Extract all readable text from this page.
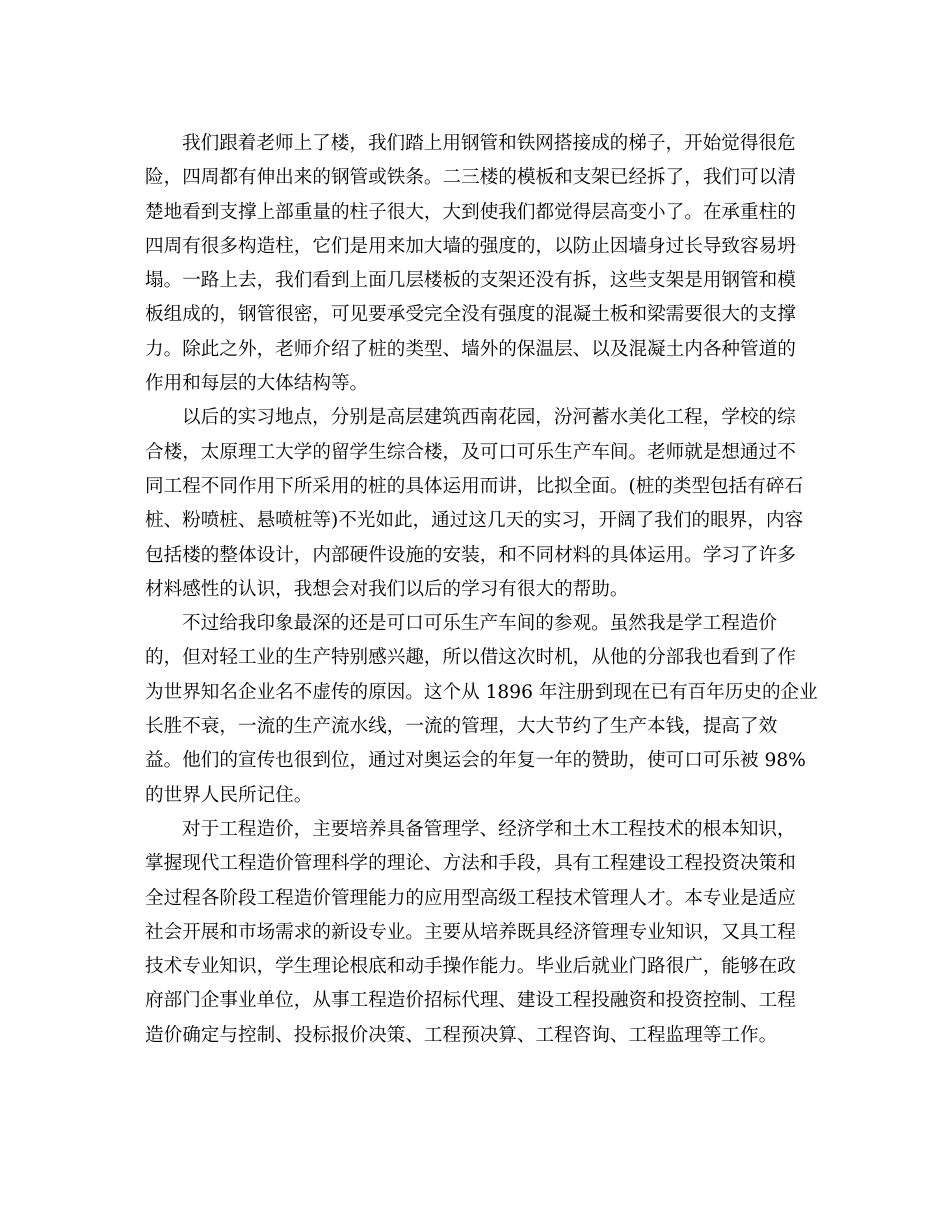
我们跟着老师上了楼，我们踏上用钢管和铁网搭接成的梯子，开始觉得很危
险，四周都有伸出来的钢管或铁条。二三楼的模板和支架已经拆了，我们可以清
楚地看到支撑上部重量的柱子很大，大到使我们都觉得层高变小了。在承重柱的
四周有很多构造柱，它们是用来加大墙的强度的，以防止因墙身过长导致容易坍
塌。一路上去，我们看到上面几层楼板的支架还没有拆，这些支架是用钢管和模
板组成的，钢管很密，可见要承受完全没有强度的混凝土板和梁需要很大的支撑
力。除此之外，老师介绍了桩的类型、墙外的保温层、以及混凝土内各种管道的
作用和每层的大体结构等。

以后的实习地点，分别是高层建筑西南花园，汾河蓄水美化工程，学校的综
合楼，太原理工大学的留学生综合楼，及可口可乐生产车间。老师就是想通过不
同工程不同作用下所采用的桩的具体运用而讲，比拟全面。(桩的类型包括有碎石
桩、粉喷桩、悬喷桩等)不光如此，通过这几天的实习，开阔了我们的眼界，内容
包括楼的整体设计，内部硬件设施的安装，和不同材料的具体运用。学习了许多
材料感性的认识，我想会对我们以后的学习有很大的帮助。

不过给我印象最深的还是可口可乐生产车间的参观。虽然我是学工程造价
的，但对轻工业的生产特别感兴趣，所以借这次时机，从他的分部我也看到了作
为世界知名企业名不虚传的原因。这个从 1896 年注册到现在已有百年历史的企业
长胜不衰，一流的生产流水线，一流的管理，大大节约了生产本钱，提高了效
益。他们的宣传也很到位，通过对奥运会的年复一年的赞助，使可口可乐被 98%
的世界人民所记住。

对于工程造价，主要培养具备管理学、经济学和土木工程技术的根本知识，
掌握现代工程造价管理科学的理论、方法和手段，具有工程建设工程投资决策和
全过程各阶段工程造价管理能力的应用型高级工程技术管理人才。本专业是适应
社会开展和市场需求的新设专业。主要从培养既具经济管理专业知识，又具工程
技术专业知识，学生理论根底和动手操作能力。毕业后就业门路很广，能够在政
府部门企事业单位，从事工程造价招标代理、建设工程投融资和投资控制、工程
造价确定与控制、投标报价决策、工程预决算、工程咨询、工程监理等工作。
